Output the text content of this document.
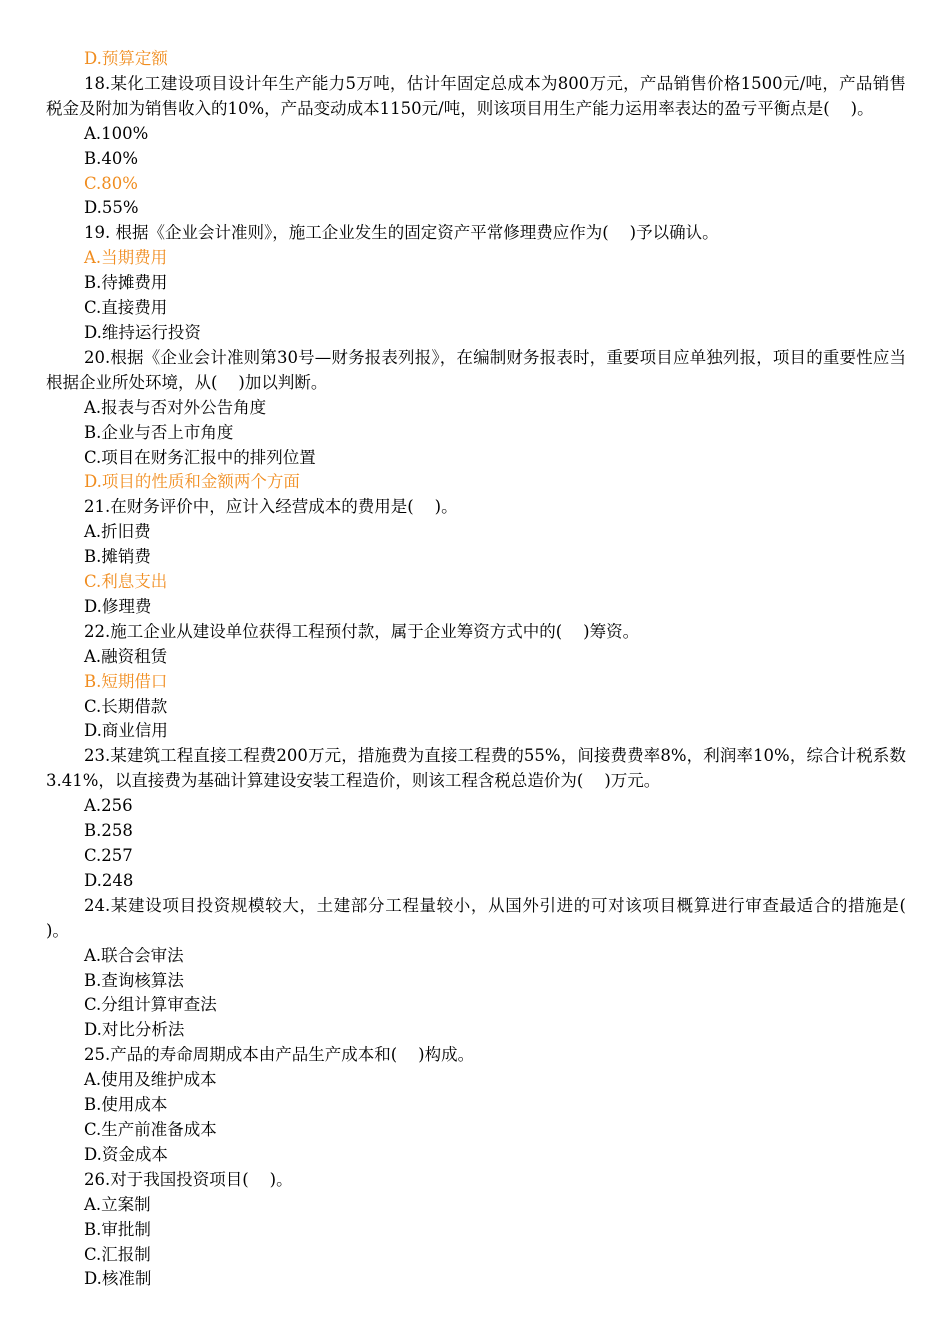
D.预算定额

18.某化工建设项目设计年生产能力5万吨，估计年固定总成本为800万元，产品销售价格1500元/吨，产品销售税金及附加为销售收入的10%，产品变动成本1150元/吨，则该项目用生产能力运用率表达的盈亏平衡点是(    )。

A.100%

B.40%

C.80%

D.55%

19. 根据《企业会计准则》，施工企业发生的固定资产平常修理费应作为(    )予以确认。

A.当期费用

B.待摊费用

C.直接费用

D.维持运行投资

20.根据《企业会计准则第30号—财务报表列报》，在编制财务报表时，重要项目应单独列报，项目的重要性应当根据企业所处环境，从(    )加以判断。

A.报表与否对外公告角度

B.企业与否上市角度

C.项目在财务汇报中的排列位置

D.项目的性质和金额两个方面

21.在财务评价中，应计入经营成本的费用是(    )。

A.折旧费

B.摊销费

C.利息支出

D.修理费

22.施工企业从建设单位获得工程预付款，属于企业筹资方式中的(    )筹资。

A.融资租赁

B.短期借口

C.长期借款

D.商业信用

23.某建筑工程直接工程费200万元，措施费为直接工程费的55%，间接费费率8%，利润率10%，综合计税系数3.41%，以直接费为基础计算建设安装工程造价，则该工程含税总造价为(    )万元。

A.256

B.258

C.257

D.248

24.某建设项目投资规模较大，土建部分工程量较小，从国外引进的可对该项目概算进行审查最适合的措施是(    )。

A.联合会审法

B.查询核算法

C.分组计算审查法

D.对比分析法

25.产品的寿命周期成本由产品生产成本和(    )构成。

A.使用及维护成本

B.使用成本

C.生产前准备成本

D.资金成本

26.对于我国投资项目(    )。

A.立案制

B.审批制

C.汇报制

D.核准制
